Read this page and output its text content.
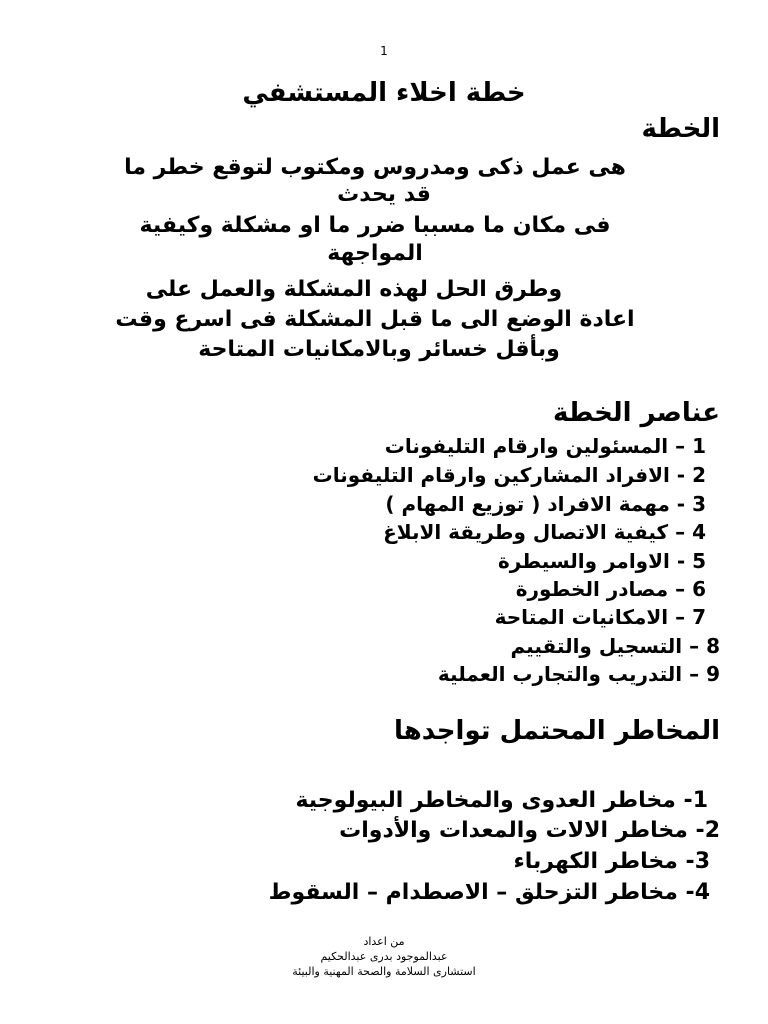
1
خطة اخلاء المستشفي
الخطة
هى عمل ذكى ومدروس ومكتوب لتوقع خطر ما
قد يحدث
فى مكان ما مسببا ضرر ما او مشكلة وكيفية
المواجهة
وطرق الحل لهذه المشكلة والعمل على
اعادة الوضع الى ما قبل المشكلة فى اسرع وقت
وبأقل خسائر وبالامكانيات المتاحة
عناصر الخطة
1 – المسئولين وارقام التليفونات
2 - الافراد المشاركين وارقام التليفونات
3 - مهمة الافراد ( توزيع المهام )
4 – كيفية الاتصال وطريقة الابلاغ
5 - الاوامر والسيطرة
6 – مصادر الخطورة
7 – الامكانيات المتاحة
8 – التسجيل والتقييم
9 – التدريب والتجارب العملية
المخاطر المحتمل تواجدها
1- مخاطر العدوى والمخاطر البيولوجية
2- مخاطر الالات والمعدات والأدوات
3- مخاطر الكهرباء
4- مخاطر التزحلق – الاصطدام – السقوط
من اعداد
عبدالموجود بدرى عبدالحكيم
استشارى السلامة والصحة المهنية والبيئة
